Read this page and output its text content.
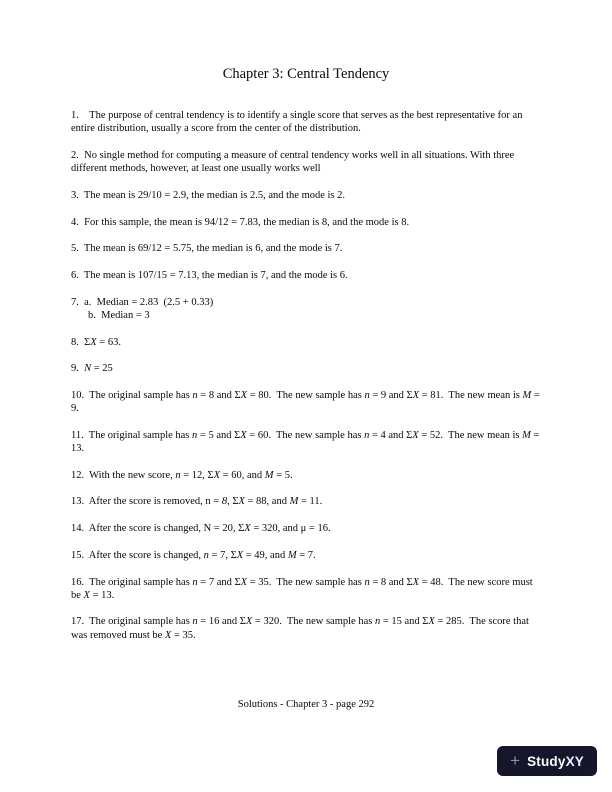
Chapter 3: Central Tendency

1.    The purpose of central tendency is to identify a single score that serves as the best representative for an entire distribution, usually a score from the center of the distribution.

2.  No single method for computing a measure of central tendency works well in all situations. With three different methods, however, at least one usually works well

3.  The mean is 29/10 = 2.9, the median is 2.5, and the mode is 2.

4.  For this sample, the mean is 94/12 = 7.83, the median is 8, and the mode is 8.

5.  The mean is 69/12 = 5.75, the median is 6, and the mode is 7.

6.  The mean is 107/15 = 7.13, the median is 7, and the mode is 6.

7.  a.  Median = 2.83  (2.5 + 0.33)
b.  Median = 3

8.  ΣX = 63.

9.  N = 25

10.  The original sample has n = 8 and ΣX = 80.  The new sample has n = 9 and ΣX = 81.  The new mean is M = 9.

11.  The original sample has n = 5 and ΣX = 60.  The new sample has n = 4 and ΣX = 52.  The new mean is M = 13.

12.  With the new score, n = 12, ΣX = 60, and M = 5.

13.  After the score is removed, n = 8, ΣX = 88, and M = 11.

14.  After the score is changed, N = 20, ΣX = 320, and μ = 16.

15.  After the score is changed, n = 7, ΣX = 49, and M = 7.

16.  The original sample has n = 7 and ΣX = 35.  The new sample has n = 8 and ΣX = 48.  The new score must be X = 13.

17.  The original sample has n = 16 and ΣX = 320.  The new sample has n = 15 and ΣX = 285.  The score that was removed must be X = 35.

Solutions - Chapter 3 - page 292
+ StudyXY
